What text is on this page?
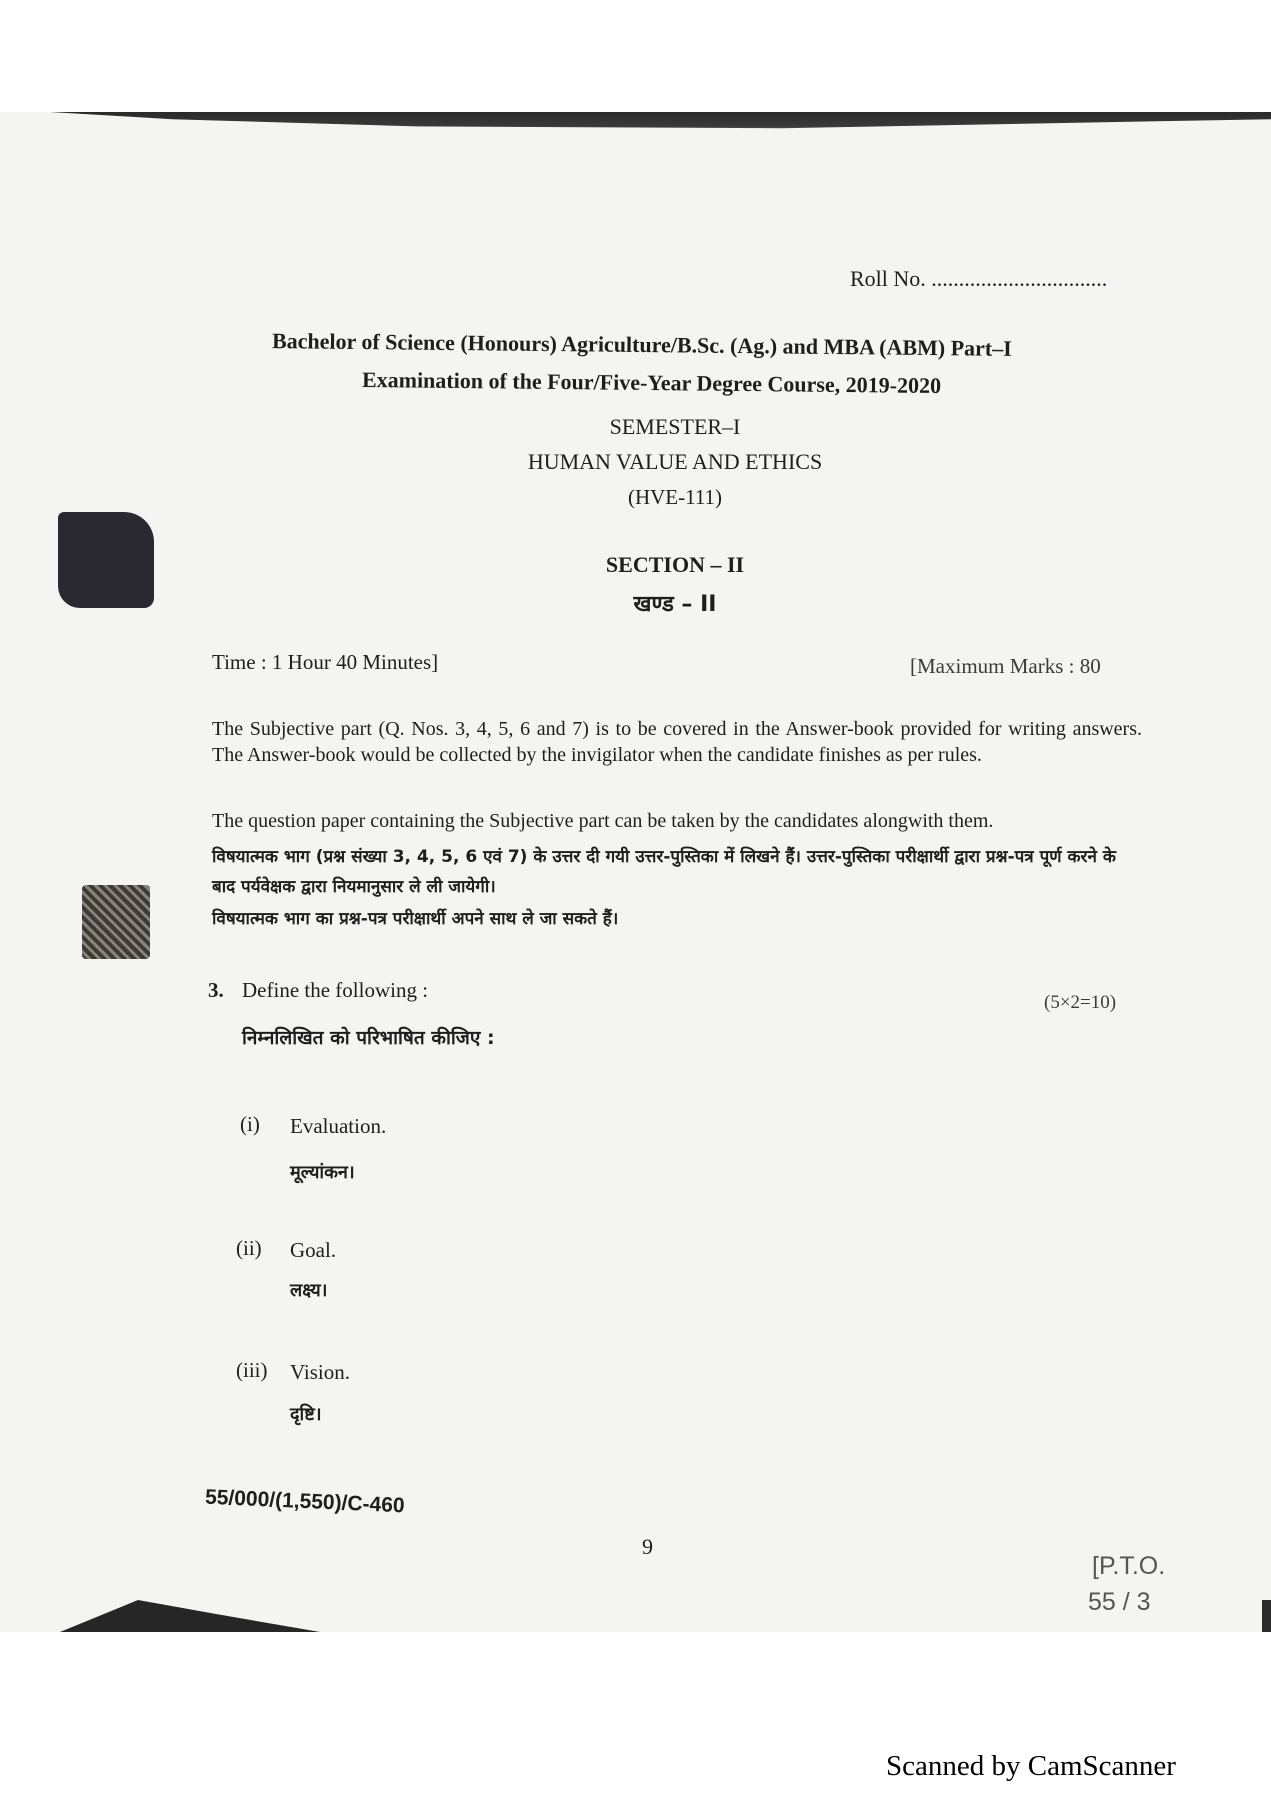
Roll No. ................................
Bachelor of Science (Honours) Agriculture/B.Sc. (Ag.) and MBA (ABM) Part–I
Examination of the Four/Five-Year Degree Course, 2019-2020
SEMESTER–I
HUMAN VALUE AND ETHICS
(HVE-111)
SECTION – II
खण्ड – II
Time : 1 Hour 40 Minutes]	[Maximum Marks : 80
The Subjective part (Q. Nos. 3, 4, 5, 6 and 7) is to be covered in the Answer-book provided for writing answers. The Answer-book would be collected by the invigilator when the candidate finishes as per rules.
The question paper containing the Subjective part can be taken by the candidates alongwith them.
विषयात्मक भाग (प्रश्न संख्या 3, 4, 5, 6 एवं 7) के उत्तर दी गयी उत्तर-पुस्तिका में लिखने हैं। उत्तर-पुस्तिका परीक्षार्थी द्वारा प्रश्न-पत्र पूर्ण करने के बाद पर्यवेक्षक द्वारा नियमानुसार ले ली जायेगी।
विषयात्मक भाग का प्रश्न-पत्र परीक्षार्थी अपने साथ ले जा सकते हैं।
3. Define the following :
(5×2=10)
निम्नलिखित को परिभाषित कीजिए :
(i) Evaluation.
मूल्यांकन।
(ii) Goal.
लक्ष्य।
(iii) Vision.
दृष्टि।
55/000/(1,550)/C-460
9
[P.T.O.
55 / 3
Scanned by CamScanner
